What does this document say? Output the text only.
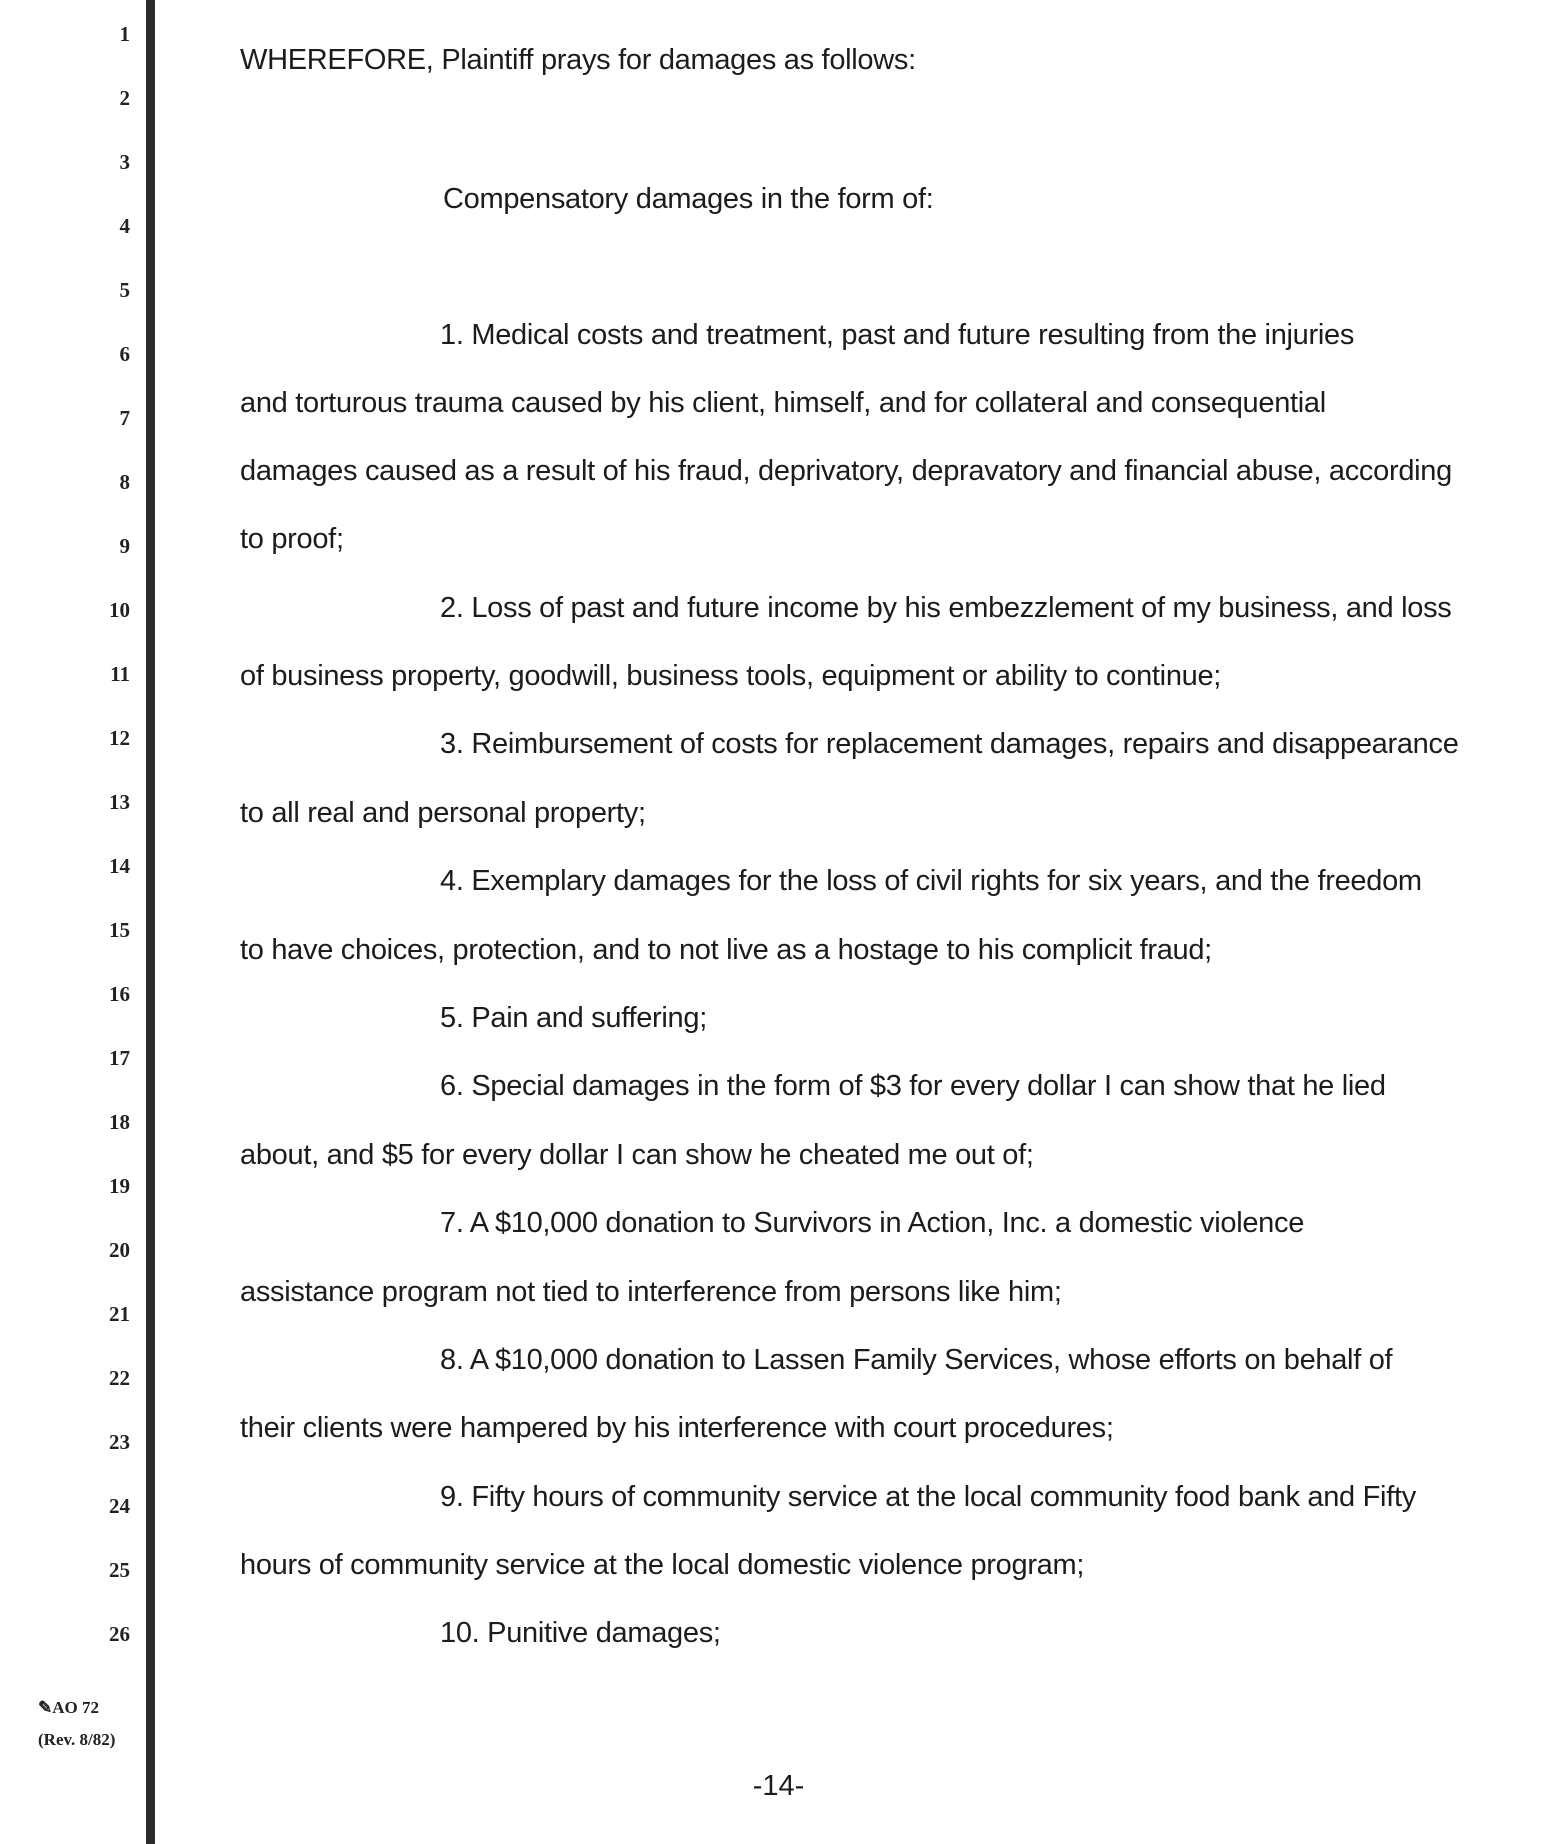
1
2
3
4
5
6
7
8
9
10
11
12
13
14
15
16
17
18
19
20
21
22
23
24
25
26
✎AO 72
(Rev. 8/82)
WHEREFORE, Plaintiff prays for damages as follows:
Compensatory damages in the form of:
1. Medical costs and treatment, past and future resulting from the injuries
and torturous trauma caused by his client, himself, and for collateral and consequential
damages caused as a result of his fraud, deprivatory, depravatory and financial abuse, according
to proof;
2. Loss of past and future income by his embezzlement of my business, and loss
of business property, goodwill, business tools, equipment or ability to continue;
3. Reimbursement of costs for replacement damages, repairs and disappearance
to all real and personal property;
4. Exemplary damages for the loss of civil rights for six years, and the freedom
to have choices, protection, and to not live as a hostage to his complicit fraud;
5. Pain and suffering;
6. Special damages in the form of $3 for every dollar I can show that he lied
about, and $5 for every dollar I can show he cheated me out of;
7. A $10,000 donation to Survivors in Action, Inc. a domestic violence
assistance program not tied to interference from persons like him;
8. A $10,000 donation to Lassen Family Services, whose efforts on behalf of
their clients were hampered by his interference with court procedures;
9. Fifty hours of community service at the local community food bank and Fifty
hours of community service at the local domestic violence program;
10. Punitive damages;
-14-
